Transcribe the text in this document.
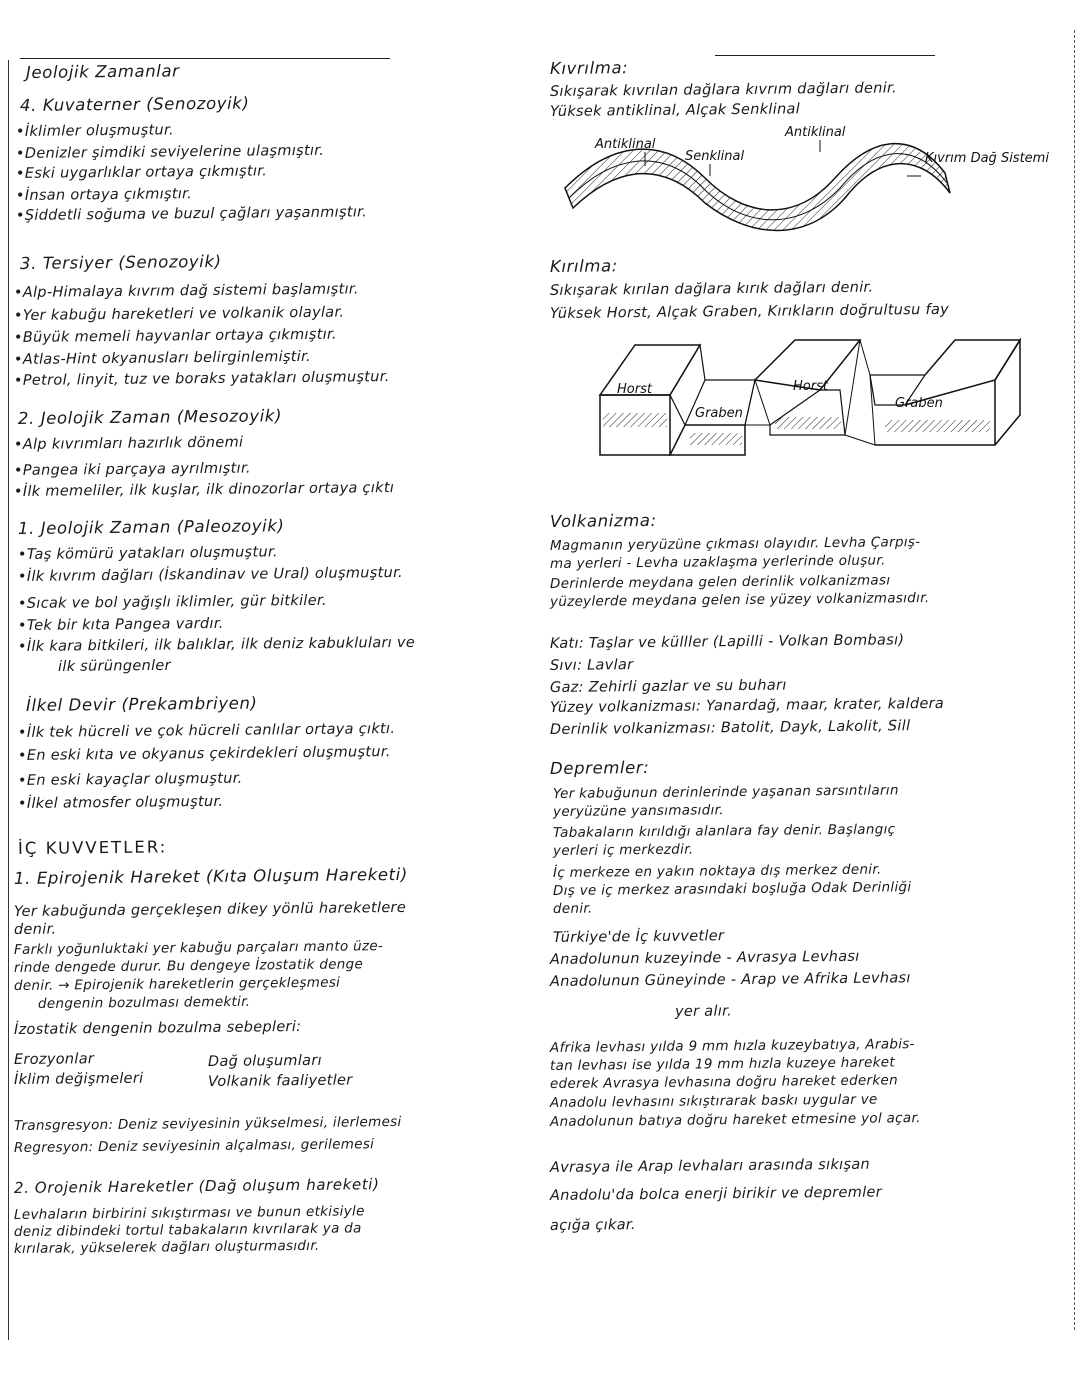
Jeolojik Zamanlar
4. Kuvaterner (Senozoyik)
•İklimler oluşmuştur.
•Denizler şimdiki seviyelerine ulaşmıştır.
•Eski uygarlıklar ortaya çıkmıştır.
•İnsan ortaya çıkmıştır.
•Şiddetli soğuma ve buzul çağları yaşanmıştır.
3. Tersiyer (Senozoyik)
•Alp-Himalaya kıvrım dağ sistemi başlamıştır.
•Yer kabuğu hareketleri ve volkanik olaylar.
•Büyük memeli hayvanlar ortaya çıkmıştır.
•Atlas-Hint okyanusları belirginlemiştir.
•Petrol, linyit, tuz ve boraks yatakları oluşmuştur.
2. Jeolojik Zaman (Mesozoyik)
•Alp kıvrımları hazırlık dönemi
•Pangea iki parçaya ayrılmıştır.
•İlk memeliler, ilk kuşlar, ilk dinozorlar ortaya çıktı
1. Jeolojik Zaman (Paleozoyik)
•Taş kömürü yatakları oluşmuştur.
•İlk kıvrım dağları (İskandinav ve Ural) oluşmuştur.
•Sıcak ve bol yağışlı iklimler, gür bitkiler.
•Tek bir kıta Pangea vardır.
•İlk kara bitkileri, ilk balıklar, ilk deniz kabukluları ve
ilk sürüngenler
İlkel Devir (Prekambriyen)
•İlk tek hücreli ve çok hücreli canlılar ortaya çıktı.
•En eski kıta ve okyanus çekirdekleri oluşmuştur.
•En eski kayaçlar oluşmuştur.
•İlkel atmosfer oluşmuştur.
İÇ KUVVETLER:
1. Epirojenik Hareket (Kıta Oluşum Hareketi)
Yer kabuğunda gerçekleşen dikey yönlü hareketlere
denir.
Farklı yoğunluktaki yer kabuğu parçaları manto üze-
rinde dengede durur. Bu dengeye İzostatik denge
denir. → Epirojenik hareketlerin gerçekleşmesi
dengenin bozulması demektir.
İzostatik dengenin bozulma sebepleri:
Erozyonlar	Dağ oluşumları
İklim değişmeleri	Volkanik faaliyetler
Transgresyon: Deniz seviyesinin yükselmesi, ilerlemesi
Regresyon: Deniz seviyesinin alçalması, gerilemesi
2. Orojenik Hareketler (Dağ oluşum hareketi)
Levhaların birbirini sıkıştırması ve bunun etkisiyle
deniz dibindeki tortul tabakaların kıvrılarak ya da
kırılarak, yükselerek dağları oluşturmasıdır.
Kıvrılma:
Sıkışarak kıvrılan dağlara kıvrım dağları denir.
Yüksek antiklinal, Alçak Senklinal
Antiklinal
Senklinal
Antiklinal
Kıvrım Dağ Sistemi
Kırılma:
Sıkışarak kırılan dağlara kırık dağları denir.
Yüksek Horst, Alçak Graben, Kırıkların doğrultusu fay
Horst
Graben
Horst
Graben
Volkanizma:
Magmanın yeryüzüne çıkması olayıdır. Levha Çarpış-
ma yerleri - Levha uzaklaşma yerlerinde oluşur.
Derinlerde meydana gelen derinlik volkanizması
yüzeylerde meydana gelen ise yüzey volkanizmasıdır.
Katı: Taşlar ve külller (Lapilli - Volkan Bombası)
Sıvı: Lavlar
Gaz: Zehirli gazlar ve su buharı
Yüzey volkanizması: Yanardağ, maar, krater, kaldera
Derinlik volkanizması: Batolit, Dayk, Lakolit, Sill
Depremler:
Yer kabuğunun derinlerinde yaşanan sarsıntıların
yeryüzüne yansımasıdır.
Tabakaların kırıldığı alanlara fay denir. Başlangıç
yerleri iç merkezdir.
İç merkeze en yakın noktaya dış merkez denir.
Dış ve iç merkez arasındaki boşluğa Odak Derinliği
denir.
Türkiye'de İç kuvvetler
Anadolunun kuzeyinde - Avrasya Levhası
Anadolunun Güneyinde - Arap ve Afrika Levhası
yer alır.
Afrika levhası yılda 9 mm hızla kuzeybatıya, Arabis-
tan levhası ise yılda 19 mm hızla kuzeye hareket
ederek Avrasya levhasına doğru hareket ederken
Anadolu levhasını sıkıştırarak baskı uygular ve
Anadolunun batıya doğru hareket etmesine yol açar.
Avrasya ile Arap levhaları arasında sıkışan
Anadolu'da bolca enerji birikir ve depremler
açığa çıkar.
